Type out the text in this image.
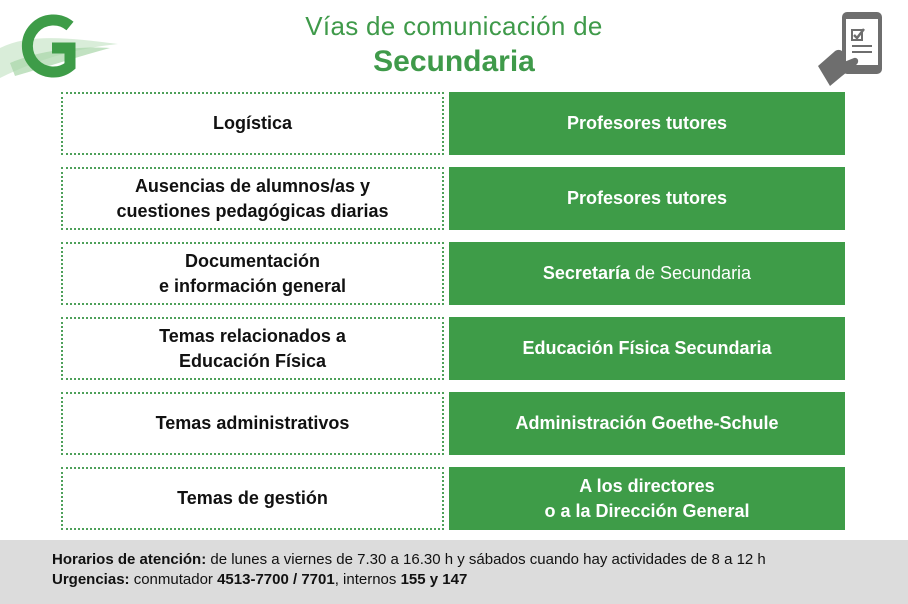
Vías de comunicación de
Secundaria
Logística	Profesores tutores
Ausencias de alumnos/as y
cuestiones pedagógicas diarias
Profesores tutores
Documentación
e información general
Secretaría de Secundaria
Temas relacionados a
Educación Física
Educación Física Secundaria
Temas administrativos	Administración Goethe-Schule
Temas de gestión
A los directores
o a la Dirección General
Horarios de atención: de lunes a viernes de 7.30 a 16.30 h y sábados cuando hay actividades de 8 a 12 h
Urgencias: conmutador 4513-7700 / 7701, internos 155 y 147
